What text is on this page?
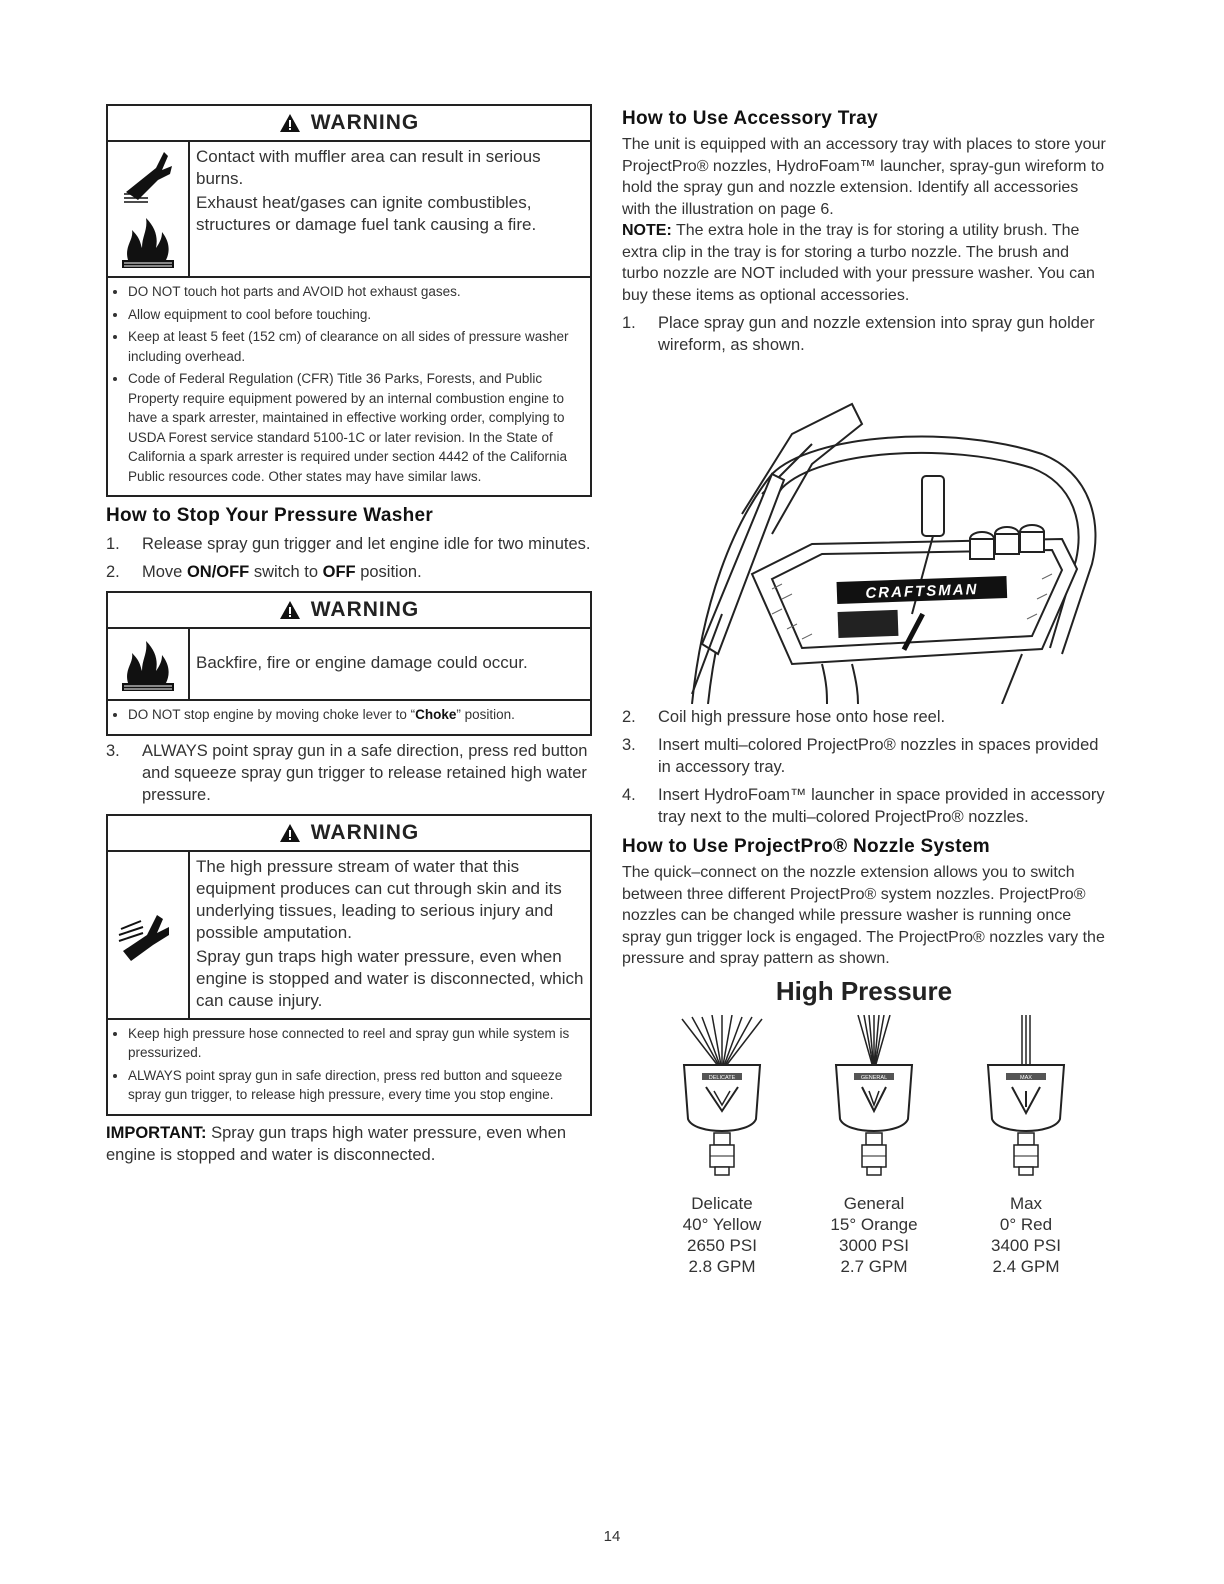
WARNING

Contact with muffler area can result in serious burns.

Exhaust heat/gases can ignite combustibles, structures or damage fuel tank causing a fire.

• DO NOT touch hot parts and AVOID hot exhaust gases.
• Allow equipment to cool before touching.
• Keep at least 5 feet (152 cm) of clearance on all sides of pressure washer including overhead.
• Code of Federal Regulation (CFR) Title 36 Parks, Forests, and Public Property require equipment powered by an internal combustion engine to have a spark arrester, maintained in effective working order, complying to USDA Forest service standard 5100-1C or later revision. In the State of California a spark arrester is required under section 4442 of the California Public resources code. Other states may have similar laws.
How to Stop Your Pressure Washer
1.	Release spray gun trigger and let engine idle for two minutes.
2.	Move ON/OFF switch to OFF position.
WARNING

Backfire, fire or engine damage could occur.

• DO NOT stop engine by moving choke lever to “Choke” position.
3.	ALWAYS point spray gun in a safe direction, press red button and squeeze spray gun trigger to release retained high water pressure.
WARNING

The high pressure stream of water that this equipment produces can cut through skin and its underlying tissues, leading to serious injury and possible amputation.

Spray gun traps high water pressure, even when engine is stopped and water is disconnected, which can cause injury.

• Keep high pressure hose connected to reel and spray gun while system is pressurized.
• ALWAYS point spray gun in safe direction, press red button and squeeze spray gun trigger, to release high pressure, every time you stop engine.

IMPORTANT: Spray gun traps high water pressure, even when engine is stopped and water is disconnected.

How to Use Accessory Tray

The unit is equipped with an accessory tray with places to store your ProjectPro® nozzles, HydroFoam™ launcher, spray-gun wireform to hold the spray gun and nozzle extension. Identify all accessories with the illustration on page 6.

NOTE: The extra hole in the tray is for storing a utility brush. The extra clip in the tray is for storing a turbo nozzle. The brush and turbo nozzle are NOT included with your pressure washer. You can buy these items as optional accessories.

1.	Place spray gun and nozzle extension into spray gun holder wireform, as shown.
CRAFTSMAN
2.	Coil high pressure hose onto hose reel.
3.	Insert multi–colored ProjectPro® nozzles in spaces provided in accessory tray.
4.	Insert HydroFoam™ launcher in space provided in accessory tray next to the multi–colored ProjectPro® nozzles.
How to Use ProjectPro® Nozzle System

The quick–connect on the nozzle extension allows you to switch between three different ProjectPro® system nozzles. ProjectPro® nozzles can be changed while pressure washer is running once spray gun trigger lock is engaged. The ProjectPro® nozzles vary the pressure and spray pattern as shown.

High Pressure
DELICATE

Delicate

40° Yellow

2650 PSI

2.8 GPM

GENERAL

General

15° Orange

3000 PSI

2.7 GPM

MAX

Max

0° Red

3400 PSI

2.4 GPM

14
